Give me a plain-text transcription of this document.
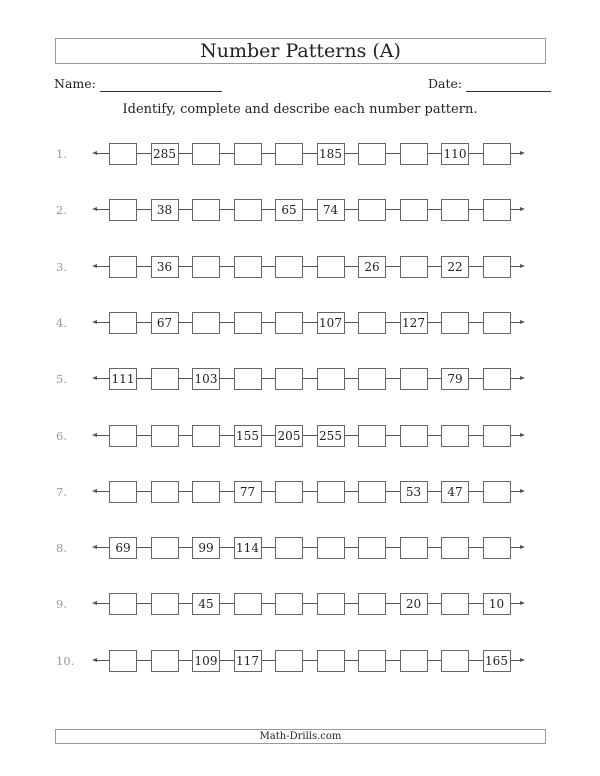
Number Patterns (A)
Name:	Date:
Identify, complete and describe each number pattern.
1.	285	185	110
2.	38	65	74
3.	36	26	22
4.	67	107	127
5.	111	103	79
6.	155 205 255
7.	77	53	47
8.	69	99	114
9.	45	20	10
10.	109 117	165
Math-Drills.com
